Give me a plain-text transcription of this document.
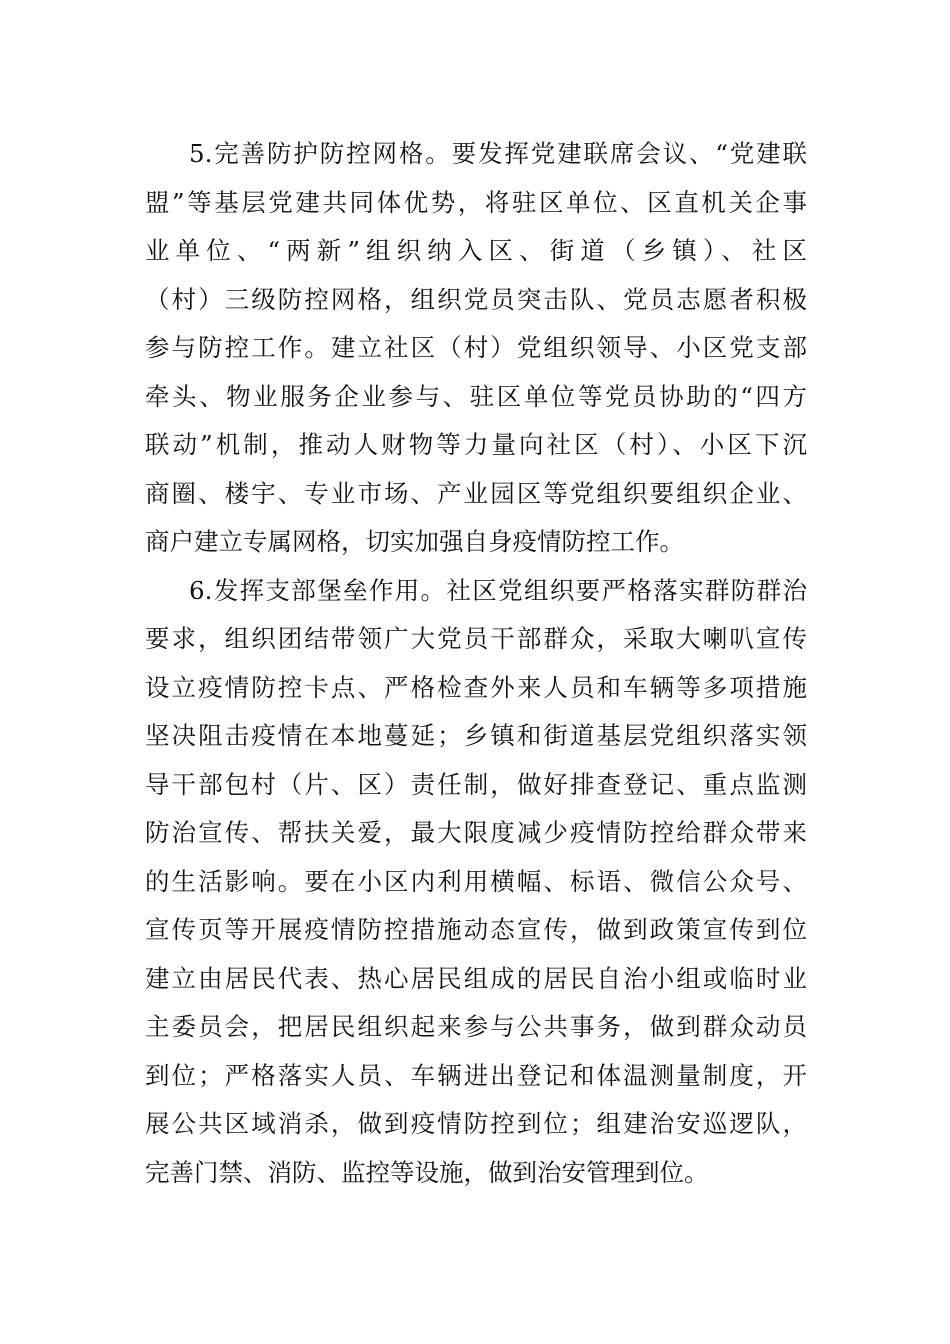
5.完善防护防控网格。要发挥党建联席会议、“党建联
盟”等基层党建共同体优势，将驻区单位、区直机关企事
业单位、“两新”组织纳入区、街道（乡镇）、社区
（村）三级防控网格，组织党员突击队、党员志愿者积极
参与防控工作。建立社区（村）党组织领导、小区党支部
牵头、物业服务企业参与、驻区单位等党员协助的“四方
联动”机制，推动人财物等力量向社区（村）、小区下沉
商圈、楼宇、专业市场、产业园区等党组织要组织企业、
商户建立专属网格，切实加强自身疫情防控工作。

6.发挥支部堡垒作用。社区党组织要严格落实群防群治
要求，组织团结带领广大党员干部群众，采取大喇叭宣传
设立疫情防控卡点、严格检查外来人员和车辆等多项措施
坚决阻击疫情在本地蔓延；乡镇和街道基层党组织落实领
导干部包村（片、区）责任制，做好排查登记、重点监测
防治宣传、帮扶关爱，最大限度减少疫情防控给群众带来
的生活影响。要在小区内利用横幅、标语、微信公众号、
宣传页等开展疫情防控措施动态宣传，做到政策宣传到位
建立由居民代表、热心居民组成的居民自治小组或临时业
主委员会，把居民组织起来参与公共事务，做到群众动员
到位；严格落实人员、车辆进出登记和体温测量制度，开
展公共区域消杀，做到疫情防控到位；组建治安巡逻队，
完善门禁、消防、监控等设施，做到治安管理到位。
